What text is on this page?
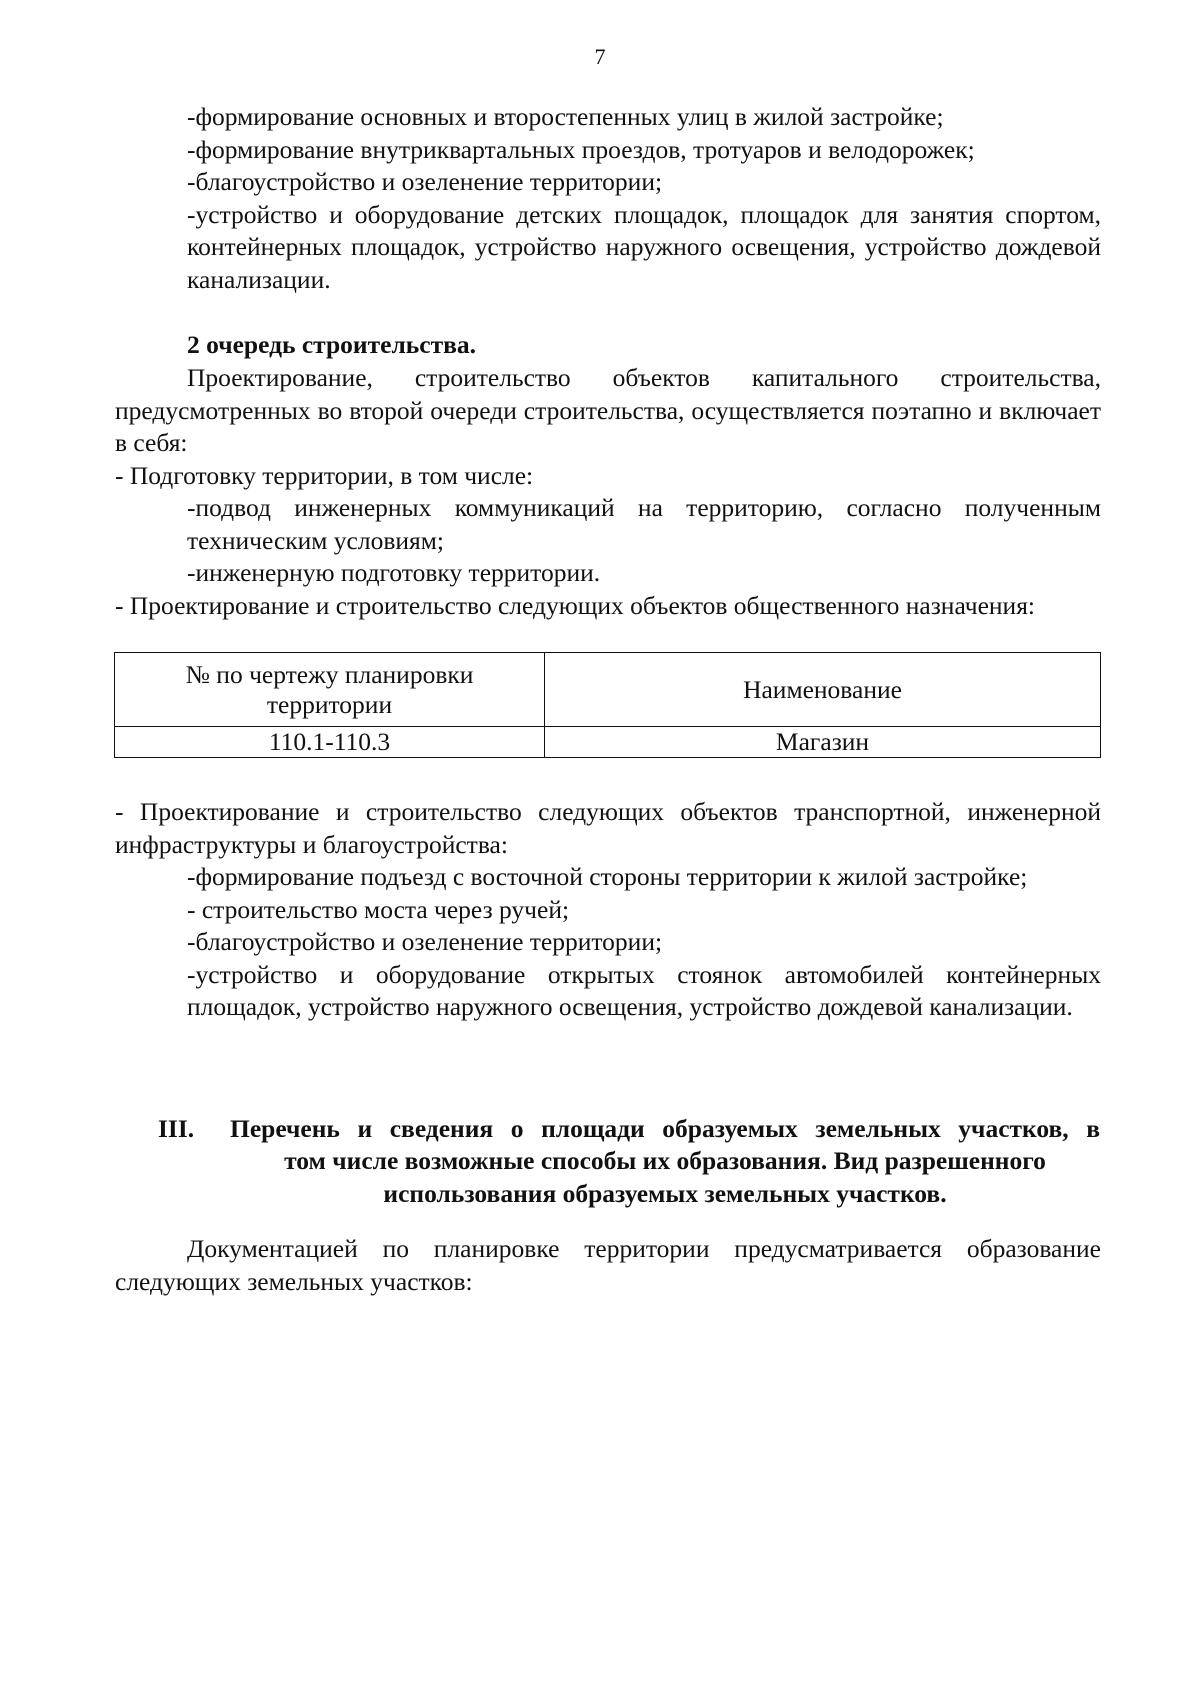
7
-формирование основных и второстепенных улиц в жилой застройке;
-формирование внутриквартальных проездов, тротуаров и велодорожек;
-благоустройство и озеленение территории;
-устройство и оборудование детских площадок, площадок для занятия спортом, контейнерных площадок, устройство наружного освещения, устройство дождевой канализации.
2 очередь строительства.
Проектирование, строительство объектов капитального строительства, предусмотренных во второй очереди строительства, осуществляется поэтапно и включает в себя:
- Подготовку территории, в том числе:
-подвод инженерных коммуникаций на территорию, согласно полученным техническим условиям;
-инженерную подготовку территории.
- Проектирование и строительство следующих объектов общественного назначения:
№ по чертежу планировки территории	Наименование
110.1-110.3	Магазин
- Проектирование и строительство следующих объектов транспортной, инженерной инфраструктуры и благоустройства:
-формирование подъезд с восточной стороны территории к жилой застройке;
- строительство моста через ручей;
-благоустройство и озеленение территории;
-устройство и оборудование открытых стоянок автомобилей контейнерных площадок, устройство наружного освещения, устройство дождевой канализации.
III. Перечень и сведения о площади образуемых земельных участков, в
том числе возможные способы их образования. Вид разрешенного использования образуемых земельных участков.
Документацией по планировке территории предусматривается образование следующих земельных участков:
